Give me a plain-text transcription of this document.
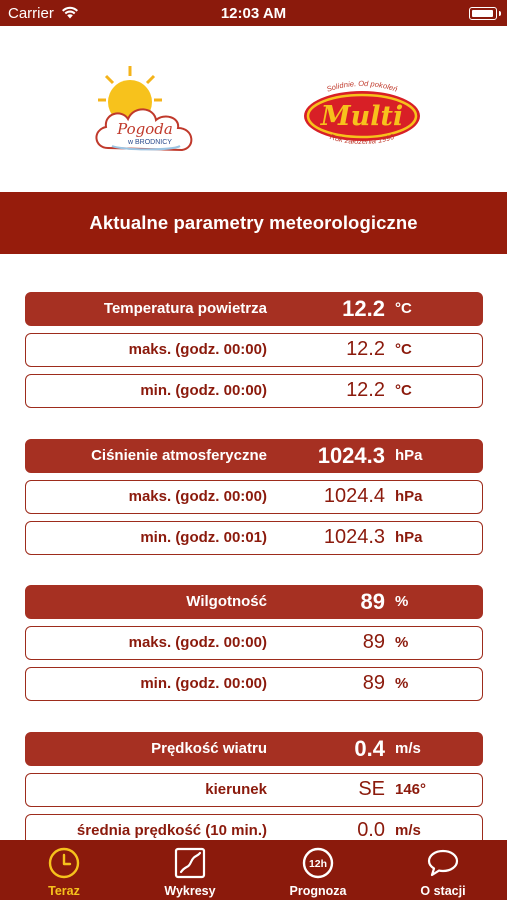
Carrier	12:03 AM
Pogoda
w BRODNICY
Solidnie. Od pokoleń
Multi
Rok założenia 1990
Aktualne parametry meteorologiczne
Temperatura powietrza	12.2 °C
maks. (godz. 00:00)	12.2 °C
min. (godz. 00:00)	12.2 °C
Ciśnienie atmosferyczne	1024.3 hPa
maks. (godz. 00:00)	1024.4 hPa
min. (godz. 00:01)	1024.3 hPa
Wilgotność	89 %
maks. (godz. 00:00)	89 %
min. (godz. 00:00)	89 %
Prędkość wiatru	0.4 m/s
kierunek	SE 146°
średnia prędkość (10 min.)	0.0 m/s
Teraz	Wykresy
12h
Prognoza	O stacji
